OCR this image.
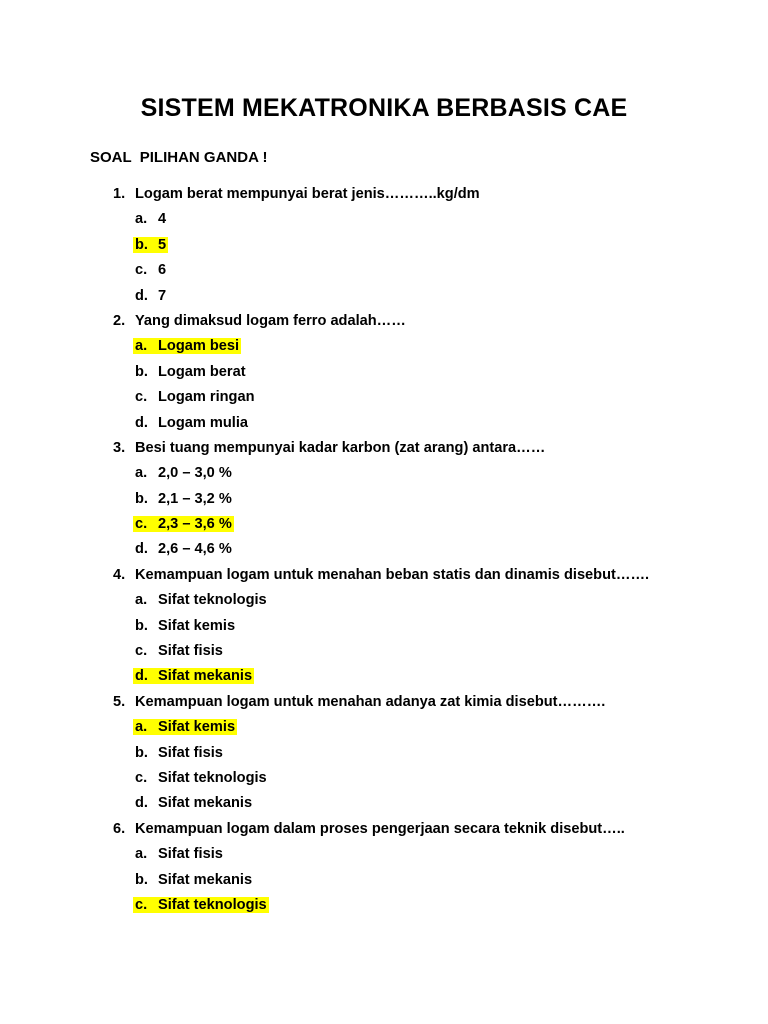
SISTEM MEKATRONIKA BERBASIS CAE
SOAL  PILIHAN GANDA !
1. Logam berat mempunyai berat jenis………..kg/dm
a. 4
b. 5
c. 6
d. 7
2. Yang dimaksud logam ferro adalah……
a. Logam besi
b. Logam berat
c. Logam ringan
d. Logam mulia
3. Besi tuang mempunyai kadar karbon (zat arang) antara……
a. 2,0 – 3,0 %
b. 2,1 – 3,2 %
c. 2,3 – 3,6 %
d. 2,6 – 4,6 %
4. Kemampuan logam untuk menahan beban statis dan dinamis disebut…….
a. Sifat teknologis
b. Sifat kemis
c. Sifat fisis
d. Sifat mekanis
5. Kemampuan logam untuk menahan adanya zat kimia disebut……….
a. Sifat kemis
b. Sifat fisis
c. Sifat teknologis
d. Sifat mekanis
6. Kemampuan logam dalam proses pengerjaan secara teknik disebut…..
a. Sifat fisis
b. Sifat mekanis
c. Sifat teknologis
